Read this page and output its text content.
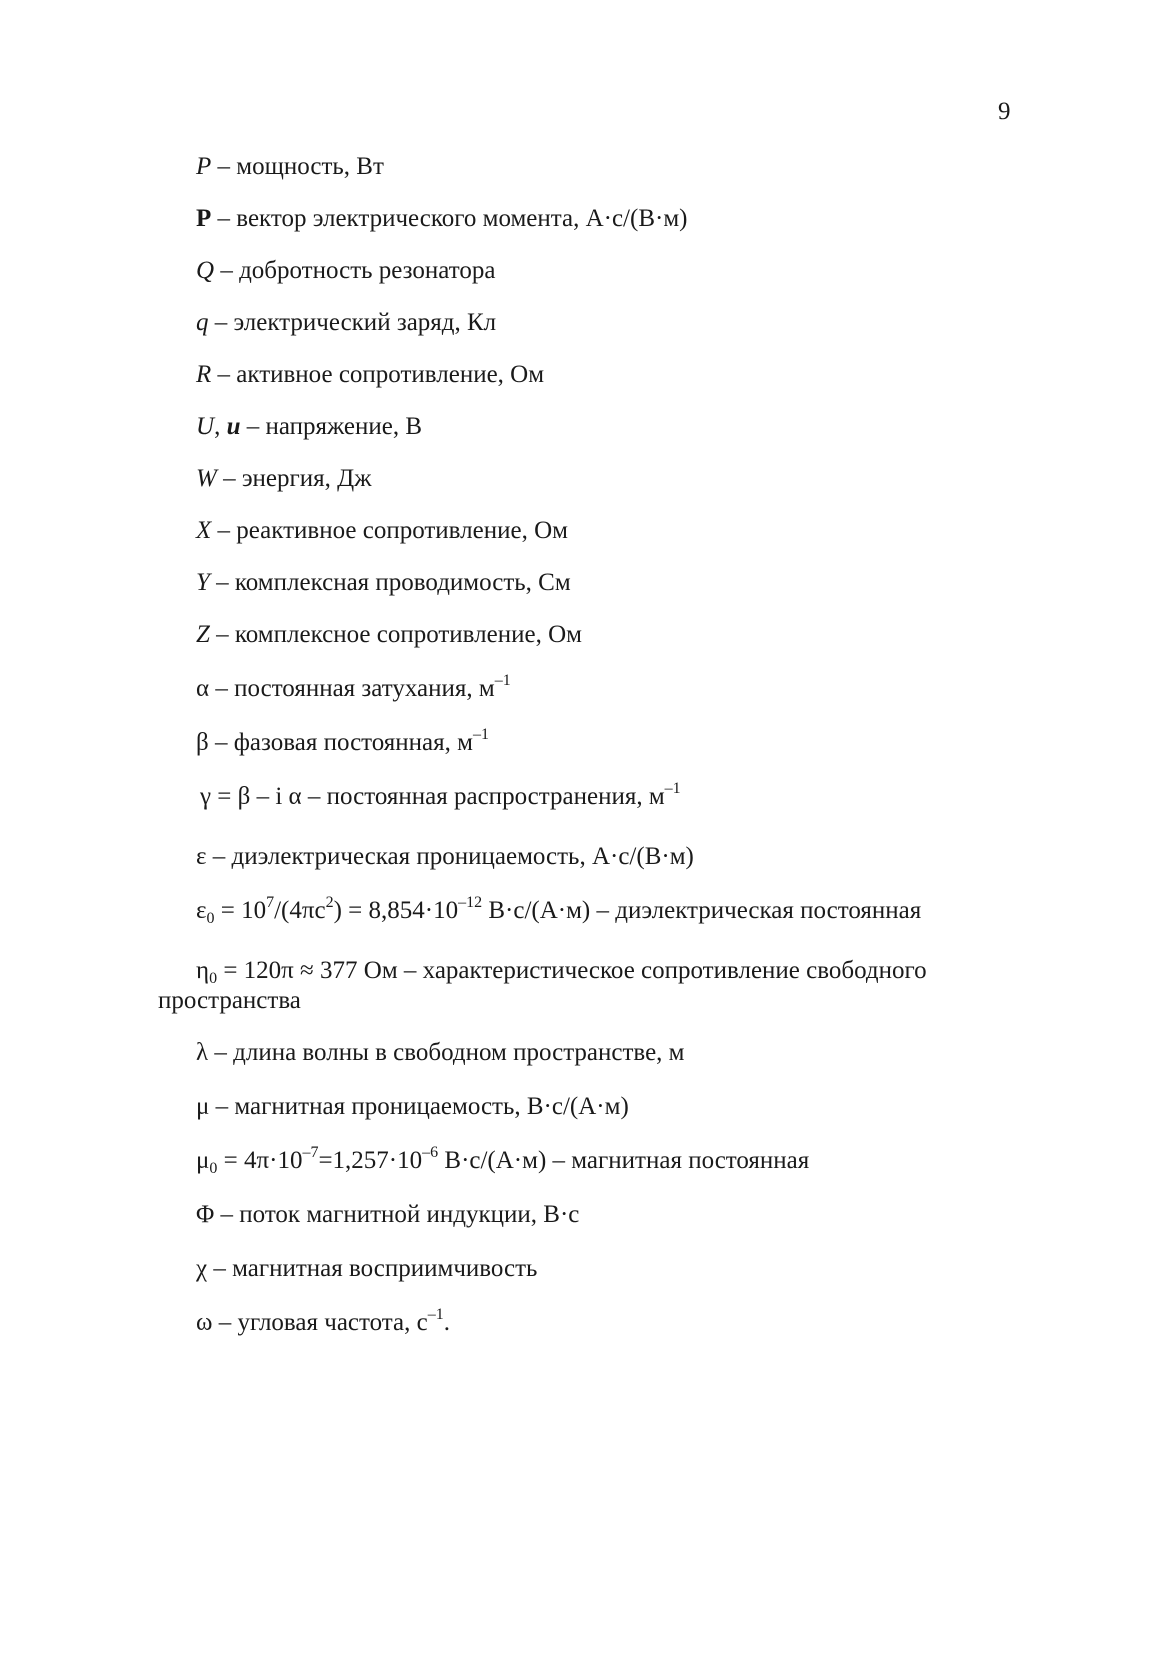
9
P – мощность, Вт
P – вектор электрического момента, А·с/(В·м)
Q – добротность резонатора
q – электрический заряд, Кл
R – активное сопротивление, Ом
U, u – напряжение, В
W – энергия, Дж
X – реактивное сопротивление, Ом
Y – комплексная проводимость, См
Z – комплексное сопротивление, Ом
α – постоянная затухания, $м^{-1}$
β – фазовая постоянная, $м^{-1}$
γ = β – i α – постоянная распространения, $м^{-1}$
ε – диэлектрическая проницаемость, А·с/(В·м)
$\varepsilon_0 = 10^7/(4\pi c^2) = 8,854\cdot 10^{-12}$ В·с/(А·м) – диэлектрическая постоянная
$\eta_0 = 120\pi \approx 377$ Ом – характеристическое сопротивление свободного пространства
λ – длина волны в свободном пространстве, м
μ – магнитная проницаемость, В·с/(А·м)
$\mu_0 = 4\pi\cdot 10^{-7}=1,257\cdot 10^{-6}$ В·с/(А·м) – магнитная постоянная
Φ – поток магнитной индукции, В·с
χ – магнитная восприимчивость
ω – угловая частота, $с^{-1}$.
